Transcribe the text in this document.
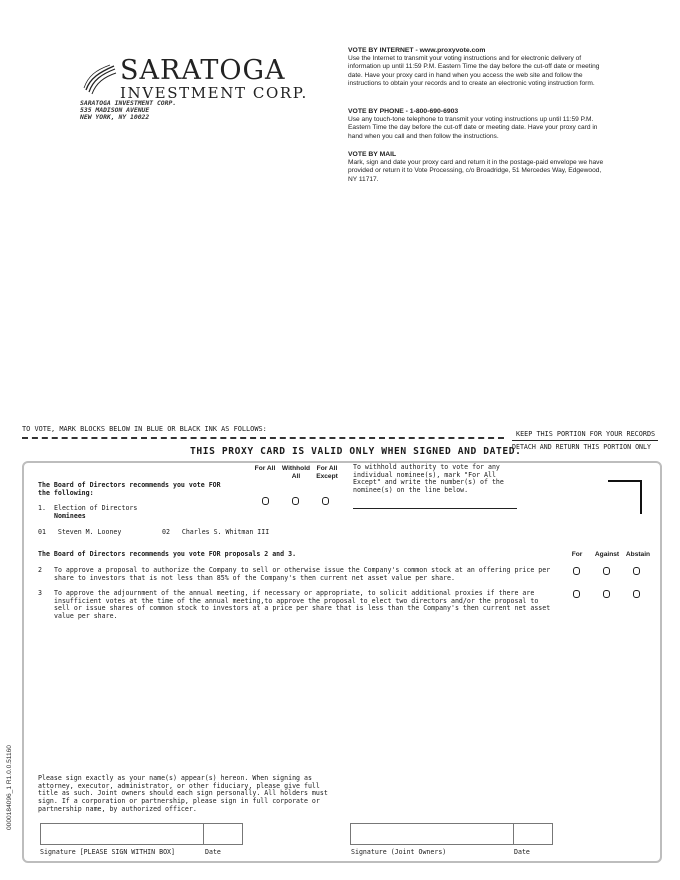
SARATOGA
INVESTMENT CORP.
SARATOGA INVESTMENT CORP.
535 MADISON AVENUE
NEW YORK, NY 10022
VOTE BY INTERNET - www.proxyvote.com
Use the Internet to transmit your voting instructions and for electronic delivery of information up until 11:59 P.M. Eastern Time the day before the cut-off date or meeting date. Have your proxy card in hand when you access the web site and follow the instructions to obtain your records and to create an electronic voting instruction form.
VOTE BY PHONE - 1-800-690-6903
Use any touch-tone telephone to transmit your voting instructions up until 11:59 P.M. Eastern Time the day before the cut-off date or meeting date. Have your proxy card in hand when you call and then follow the instructions.
VOTE BY MAIL
Mark, sign and date your proxy card and return it in the postage-paid envelope we have provided or return it to Vote Processing, c/o Broadridge, 51 Mercedes Way, Edgewood, NY 11717.
TO VOTE, MARK BLOCKS BELOW IN BLUE OR BLACK INK AS FOLLOWS:
KEEP THIS PORTION FOR YOUR RECORDS
DETACH AND RETURN THIS PORTION ONLY
THIS PROXY CARD IS VALID ONLY WHEN SIGNED AND DATED.
0000184096_1 R1.0.0.51160
For All	Withhold All
For All Except
To withhold authority to vote for any individual nominee(s), mark "For All Except" and write the number(s) of the nominee(s) on the line below.
The Board of Directors recommends you vote FOR the following:
1. Election of Directors
Nominees
01   Steven M. Looney	02   Charles S. Whitman III
The Board of Directors recommends you vote FOR proposals 2 and 3.	For	Against	Abstain
2 To approve a proposal to authorize the Company to sell or otherwise issue the Company's common stock at an offering price per share to investors that is not less than 85% of the Company's then current net asset value per share.
3 To approve the adjournment of the annual meeting, if necessary or appropriate, to solicit additional proxies if there are insufficient votes at the time of the annual meeting,to approve the proposal to elect two directors and/or the proposal to sell or issue shares of common stock to investors at a price per share that is less than the Company's then current net asset value per share.
Please sign exactly as your name(s) appear(s) hereon. When signing as attorney, executor, administrator, or other fiduciary, please give full title as such. Joint owners should each sign personally. All holders must sign. If a corporation or partnership, please sign in full corporate or partnership name, by authorized officer.
Signature [PLEASE SIGN WITHIN BOX]	Date	Signature (Joint Owners)	Date
